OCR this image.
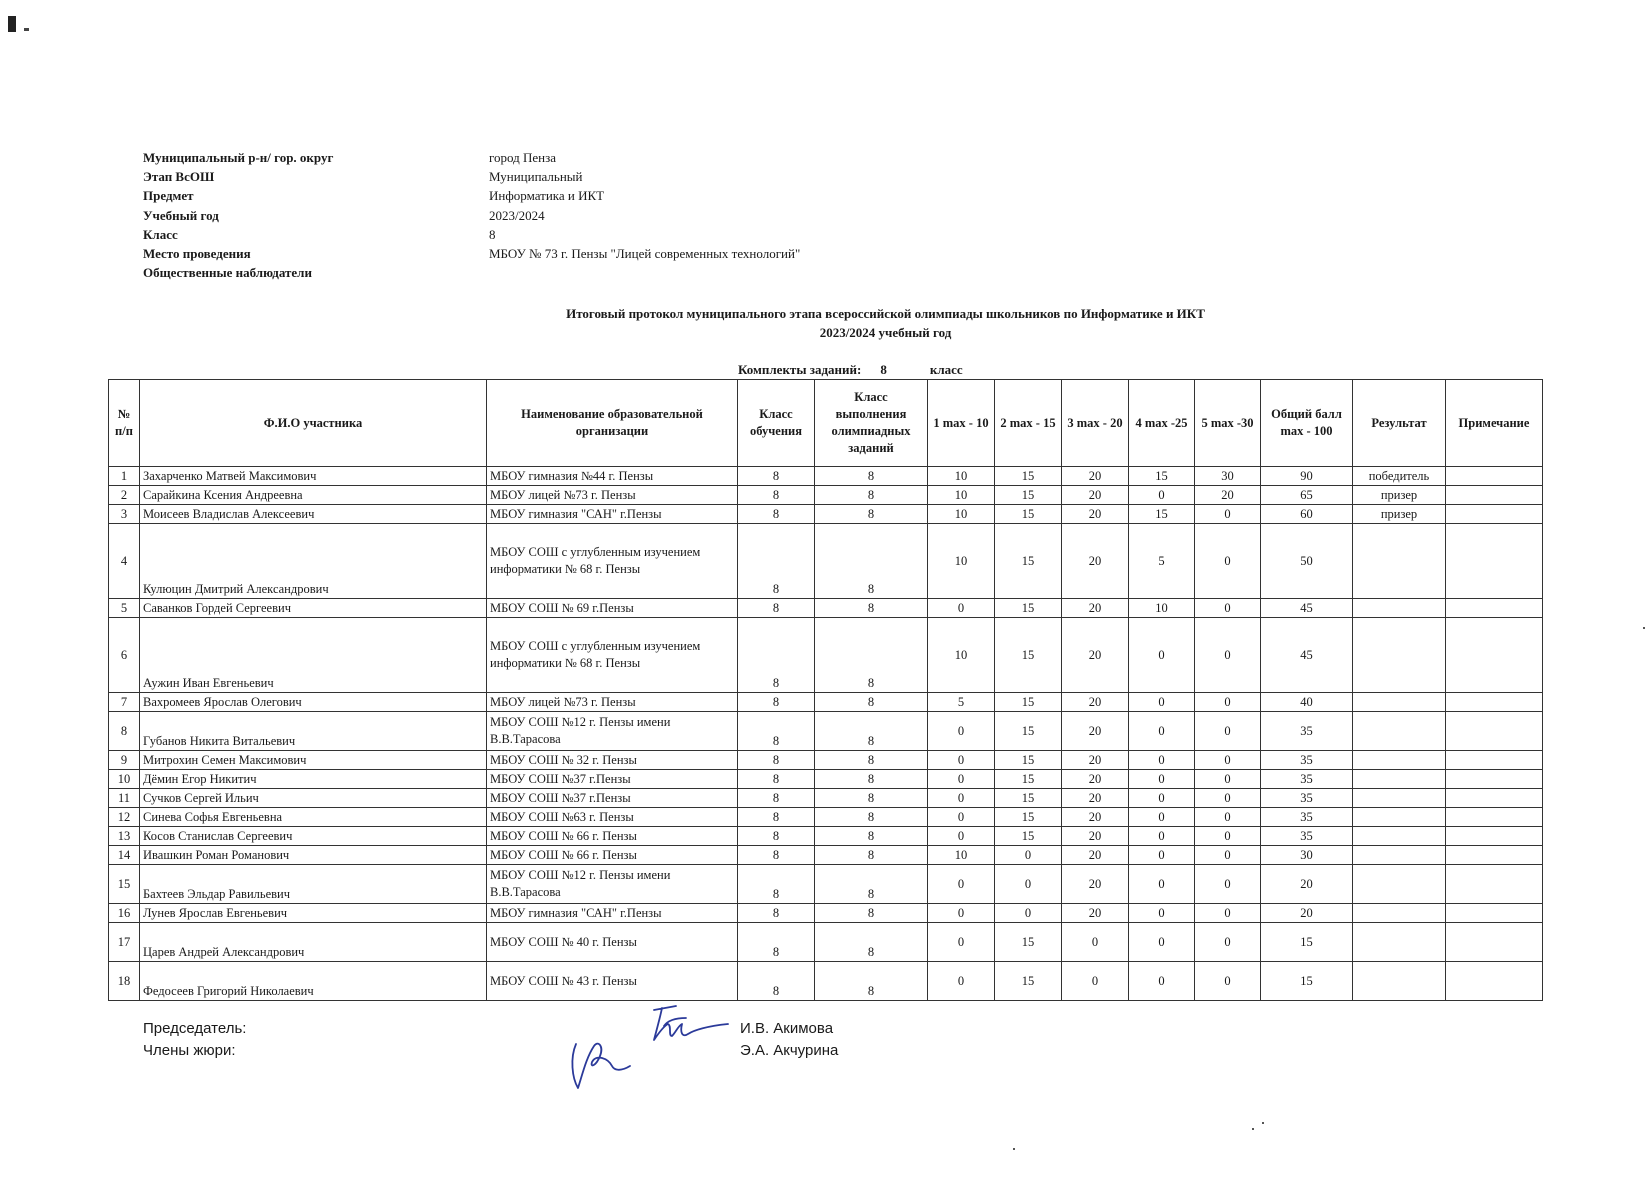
Муниципальный р-н/ гор. округ	город Пенза
Этап ВсОШ	Муниципальный
Предмет	Информатика и ИКТ
Учебный год	2023/2024
Класс	8
Место проведения	МБОУ № 73 г. Пензы "Лицей современных технологий"
Общественные наблюдатели
Итоговый протокол муниципального этапа всероссийской олимпиады школьников по Информатике и ИКТ
2023/2024 учебный год
Комплекты заданий: 8	класс
№ п/п	Ф.И.О участника	Наименование образовательной организации	Класс обучения	Класс выполнения олимпиадных заданий	1 max - 10	2 max - 15	3 max - 20	4 max -25	5 max -30	Общий балл max - 100	Результат	Примечание
1	Захарченко Матвей Максимович	МБОУ гимназия №44 г. Пензы	8	8	10	15	20	15	30	90	победитель	
2	Сарайкина Ксения Андреевна	МБОУ лицей №73 г. Пензы	8	8	10	15	20	0	20	65	призер	
3	Моисеев Владислав Алексеевич	МБОУ гимназия "САН" г.Пензы	8	8	10	15	20	15	0	60	призер	
4	Кулюцин Дмитрий Александрович	МБОУ СОШ с углубленным изучением информатики № 68 г. Пензы	8	8	10	15	20	5	0	50		
5	Саванков Гордей Сергеевич	МБОУ СОШ № 69 г.Пензы	8	8	0	15	20	10	0	45		
6	Аужин Иван Евгеньевич	МБОУ СОШ с углубленным изучением информатики № 68 г. Пензы	8	8	10	15	20	0	0	45		
7	Вахромеев Ярослав Олегович	МБОУ лицей №73 г. Пензы	8	8	5	15	20	0	0	40		
8	Губанов Никита Витальевич	МБОУ СОШ №12 г. Пензы имени В.В.Тарасова	8	8	0	15	20	0	0	35		
9	Митрохин Семен Максимович	МБОУ СОШ № 32 г. Пензы	8	8	0	15	20	0	0	35		
10	Дёмин Егор Никитич	МБОУ СОШ №37 г.Пензы	8	8	0	15	20	0	0	35		
11	Сучков Сергей Ильич	МБОУ СОШ №37 г.Пензы	8	8	0	15	20	0	0	35		
12	Синева Софья Евгеньевна	МБОУ СОШ №63 г. Пензы	8	8	0	15	20	0	0	35		
13	Косов Станислав Сергеевич	МБОУ СОШ № 66 г. Пензы	8	8	0	15	20	0	0	35		
14	Ивашкин Роман Романович	МБОУ СОШ № 66 г. Пензы	8	8	10	0	20	0	0	30		
15	Бахтеев Эльдар Равильевич	МБОУ СОШ №12 г. Пензы имени В.В.Тарасова	8	8	0	0	20	0	0	20		
16	Лунев Ярослав Евгеньевич	МБОУ гимназия "САН" г.Пензы	8	8	0	0	20	0	0	20		
17	Царев Андрей Александрович	МБОУ СОШ № 40 г. Пензы	8	8	0	15	0	0	0	15		
18	Федосеев Григорий Николаевич	МБОУ СОШ № 43 г. Пензы	8	8	0	15	0	0	0	15		
Председатель:
Члены жюри:
И.В. Акимова
Э.А. Акчурина
